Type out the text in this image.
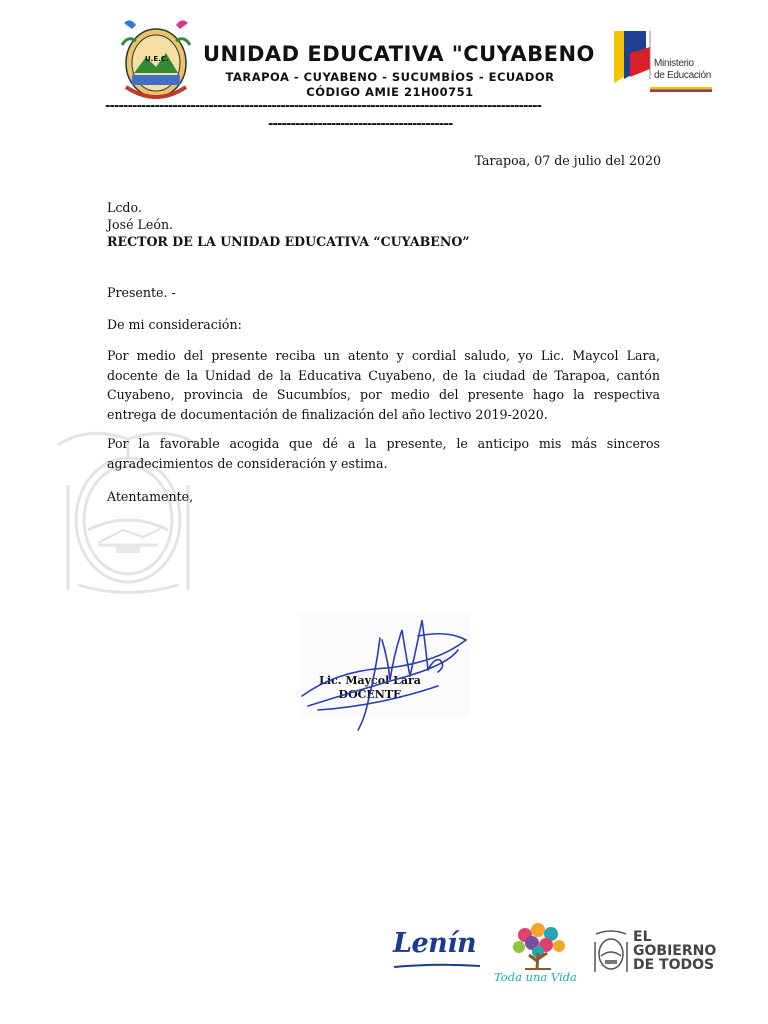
U.E.C. UNIDAD EDUCATIVA "CUYABENO
TARAPOA - CUYABENO - SUCUMBÍOS - ECUADOR
CÓDIGO AMIE 21H00751
-------------------------------------------------------------------------------------------------
-----------------------------------------
Ministerio
de Educación
Tarapoa, 07 de julio del 2020
Lcdo.
José León.
RECTOR DE LA UNIDAD EDUCATIVA “CUYABENO”
Presente. -
De mi consideración:
Por medio del presente reciba un atento y cordial saludo, yo Lic. Maycol Lara, docente de la Unidad de la Educativa Cuyabeno, de la ciudad de Tarapoa, cantón Cuyabeno, provincia de Sucumbíos, por medio del presente hago la respectiva entrega de documentación de finalización del año lectivo 2019-2020.
Por la favorable acogida que dé a la presente, le anticipo mis más sinceros agradecimientos de consideración y estima.
Atentamente,
Lic. Maycol Lara
DOCENTE
Lenín
Toda una Vida
EL
GOBIERNO
DE TODOS
